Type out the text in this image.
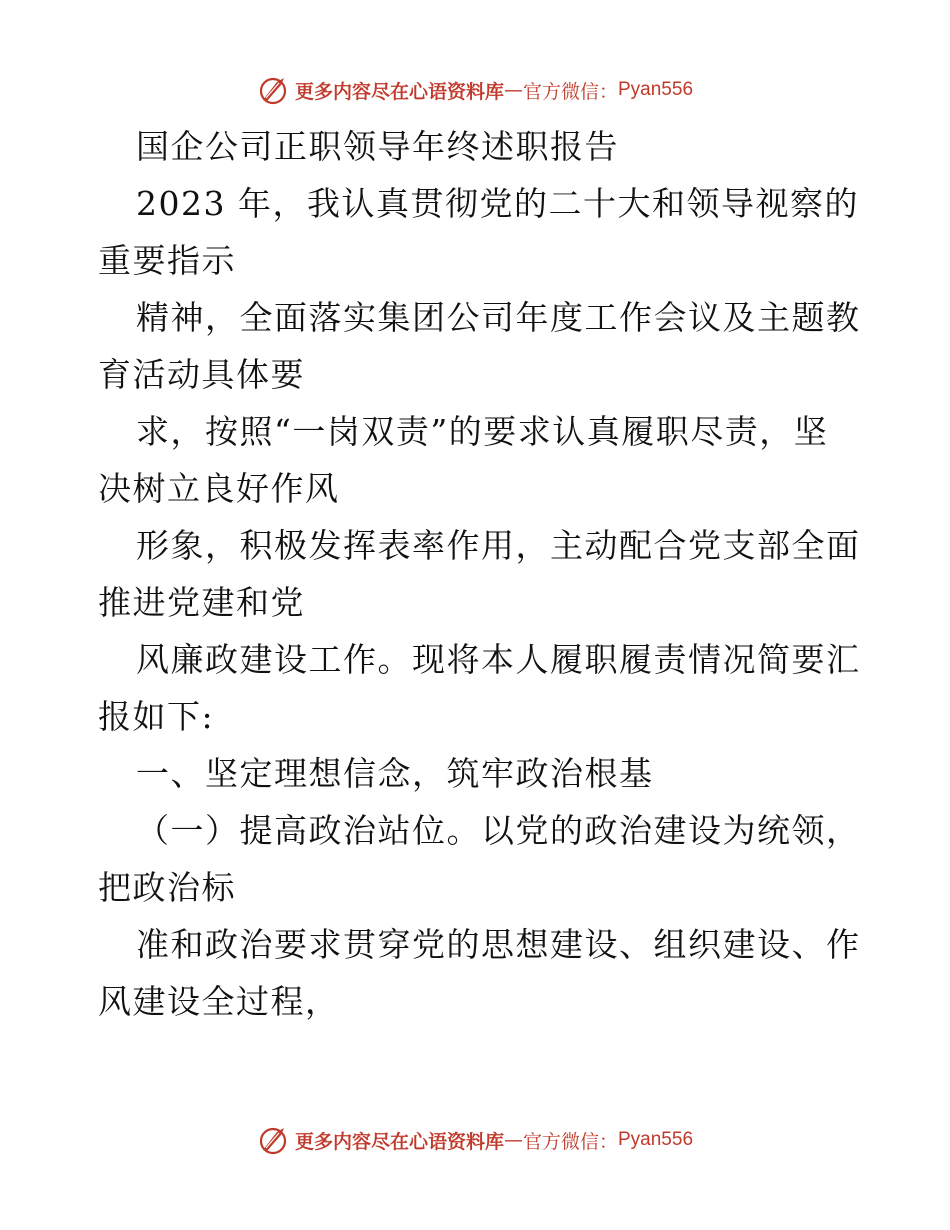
更多内容尽在心语资料库 — 官方微信： Pyan556
国企公司正职领导年终述职报告
2023 年，我认真贯彻党的二十大和领导视察的
重要指示
精神，全面落实集团公司年度工作会议及主题教
育活动具体要
求，按照“一岗双责”的要求认真履职尽责，坚
决树立良好作风
形象，积极发挥表率作用，主动配合党支部全面
推进党建和党
风廉政建设工作。现将本人履职履责情况简要汇
报如下:
一、坚定理想信念，筑牢政治根基
（一）提高政治站位。以党的政治建设为统领，
把政治标
准和政治要求贯穿党的思想建设、组织建设、作
风建设全过程，
更多内容尽在心语资料库 — 官方微信： Pyan556
